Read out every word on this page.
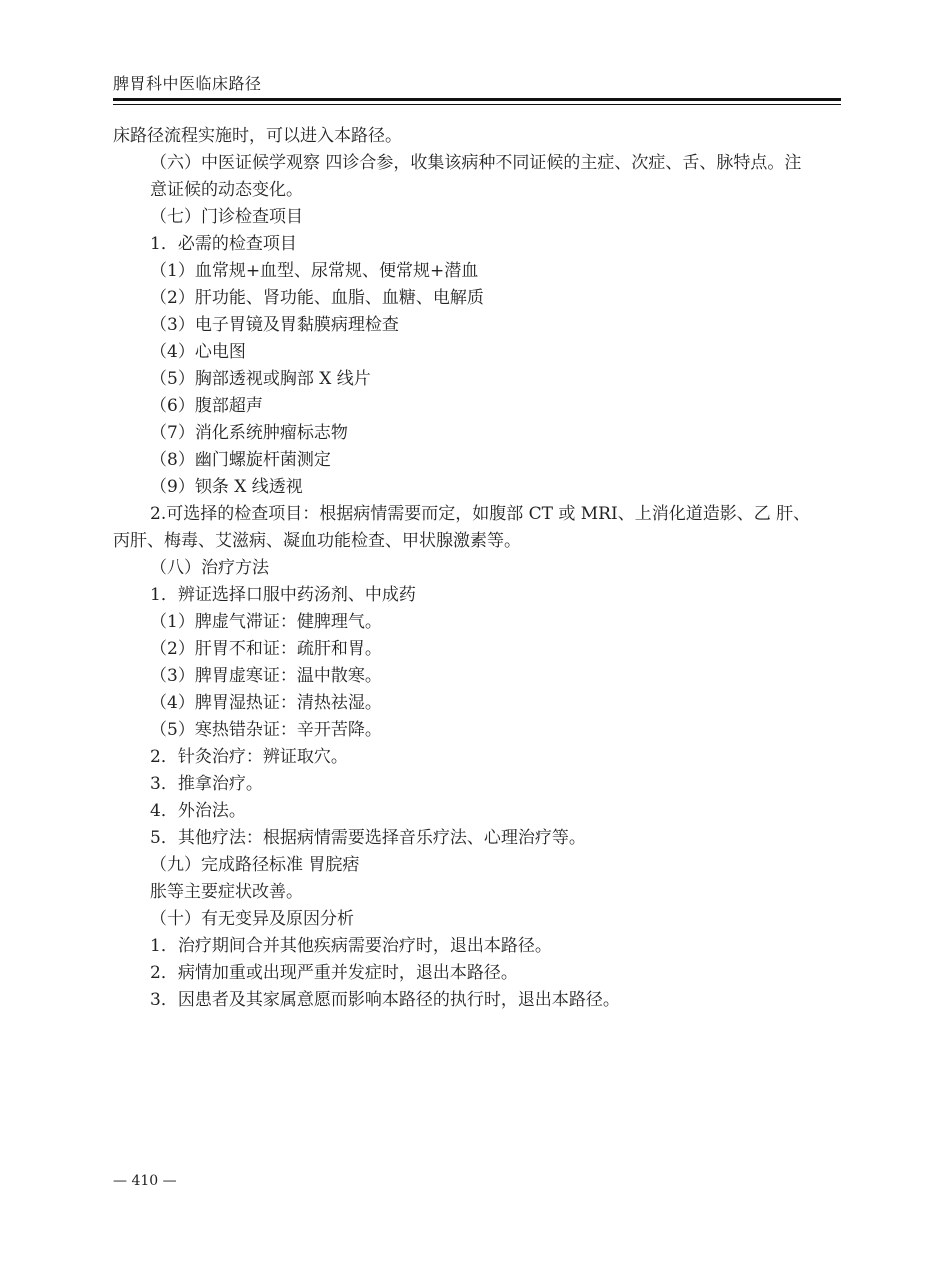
脾胃科中医临床路径
床路径流程实施时，可以进入本路径。
（六）中医证候学观察 四诊合参，收集该病种不同证候的主症、次症、舌、脉特点。注
意证候的动态变化。
（七）门诊检查项目
1．必需的检查项目
（1）血常规+血型、尿常规、便常规+潜血
（2）肝功能、肾功能、血脂、血糖、电解质
（3）电子胃镜及胃黏膜病理检查
（4）心电图
（5）胸部透视或胸部 X 线片
（6）腹部超声
（7）消化系统肿瘤标志物
（8）幽门螺旋杆菌测定
（9）钡条 X 线透视
2.可选择的检查项目：根据病情需要而定，如腹部 CT 或 MRI、上消化道造影、乙 肝、
丙肝、梅毒、艾滋病、凝血功能检查、甲状腺激素等。
（八）治疗方法
1．辨证选择口服中药汤剂、中成药
（1）脾虚气滞证：健脾理气。
（2）肝胃不和证：疏肝和胃。
（3）脾胃虚寒证：温中散寒。
（4）脾胃湿热证：清热祛湿。
（5）寒热错杂证：辛开苦降。
2．针灸治疗：辨证取穴。
3．推拿治疗。
4．外治法。
5．其他疗法：根据病情需要选择音乐疗法、心理治疗等。
（九）完成路径标准 胃脘痞
胀等主要症状改善。
（十）有无变异及原因分析
1．治疗期间合并其他疾病需要治疗时，退出本路径。
2．病情加重或出现严重并发症时，退出本路径。
3．因患者及其家属意愿而影响本路径的执行时，退出本路径。
— 410 —
